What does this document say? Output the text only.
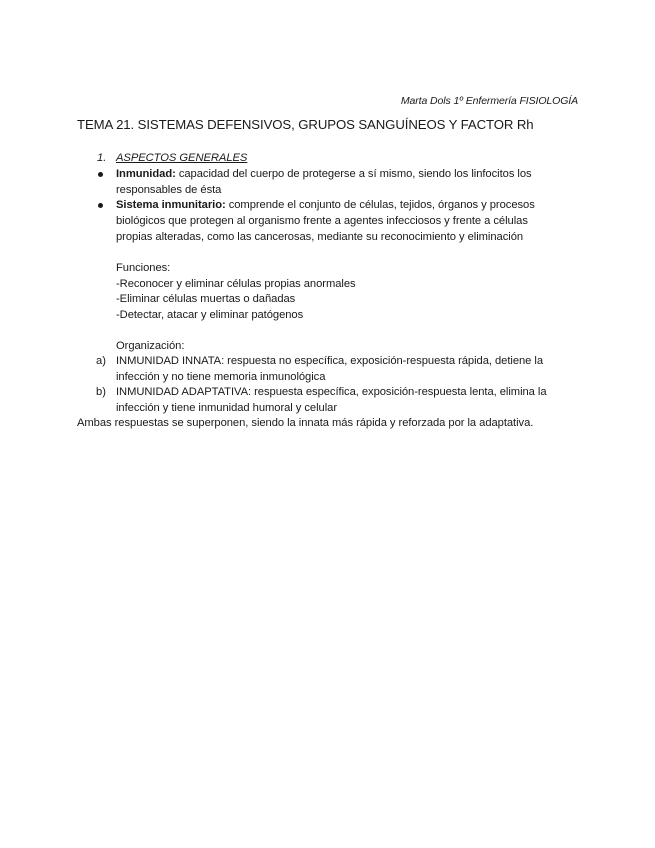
Marta Dols 1º Enfermería FISIOLOGÍA
TEMA 21. SISTEMAS DEFENSIVOS, GRUPOS SANGUÍNEOS Y FACTOR Rh
1. ASPECTOS GENERALES
Inmunidad: capacidad del cuerpo de protegerse a sí mismo, siendo los linfocitos los
responsables de ésta
Sistema inmunitario: comprende el conjunto de células, tejidos, órganos y procesos
biológicos que protegen al organismo frente a agentes infecciosos y frente a células
propias alteradas, como las cancerosas, mediante su reconocimiento y eliminación
Funciones:
-Reconocer y eliminar células propias anormales
-Eliminar células muertas o dañadas
-Detectar, atacar y eliminar patógenos
Organización:
a) INMUNIDAD INNATA: respuesta no específica, exposición-respuesta rápida, detiene la
infección y no tiene memoria inmunológica
b) INMUNIDAD ADAPTATIVA: respuesta específica, exposición-respuesta lenta, elimina la
infección y tiene inmunidad humoral y celular
Ambas respuestas se superponen, siendo la innata más rápida y reforzada por la adaptativa.
